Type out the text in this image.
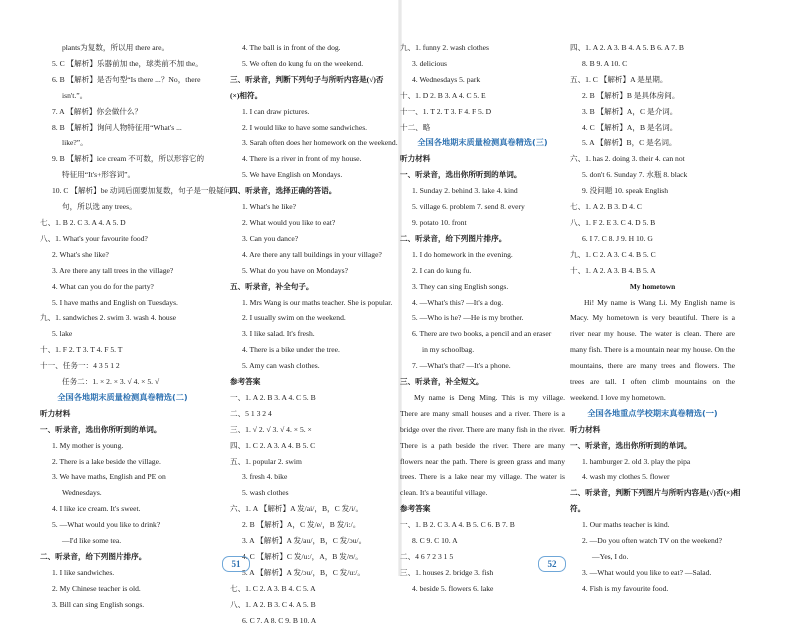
plants为复数，所以用 there are。
5. C 【解析】乐器前加 the，球类前不加 the。
6. B 【解析】是否句型“Is there ...？No，there
isn't.”。
7. A 【解析】你会做什么？
8. B 【解析】询问人物特征用“What's ...
like?”。
9. B 【解析】ice cream 不可数，所以形容它的
特征用“It's+形容词”。
10. C 【解析】be 动词后面要加复数，句子是一般疑问
句，所以选 any trees。
七、1. B 2. C 3. A 4. A 5. D
八、1. What's your favourite food?
2. What's she like?
3. Are there any tall trees in the village?
4. What can you do for the party?
5. I have maths and English on Tuesdays.
九、1. sandwiches 2. swim 3. wash 4. house
5. lake
十、1. F 2. T 3. T 4. F 5. T
十一、任务一：4 3 5 1 2
任务二：1. × 2. × 3. √ 4. × 5. √
全国各地期末质量检测真卷精选(二)
听力材料
一、听录音，选出你所听到的单词。
1. My mother is young.
2. There is a lake beside the village.
3. We have maths, English and PE on
Wednesdays.
4. I like ice cream. It's sweet.
5. —What would you like to drink?
—I'd like some tea.
二、听录音，给下列图片排序。
1. I like sandwiches.
2. My Chinese teacher is old.
3. Bill can sing English songs.
4. The ball is in front of the dog.
5. We often do kung fu on the weekend.
三、听录音，判断下列句子与所听内容是(√)否
(×)相符。
1. I can draw pictures.
2. I would like to have some sandwiches.
3. Sarah often does her homework on the weekend.
4. There is a river in front of my house.
5. We have English on Mondays.
四、听录音，选择正确的答语。
1. What's he like?
2. What would you like to eat?
3. Can you dance?
4. Are there any tall buildings in your village?
5. What do you have on Mondays?
五、听录音，补全句子。
1. Mrs Wang is our maths teacher. She is popular.
2. I usually swim on the weekend.
3. I like salad. It's fresh.
4. There is a bike under the tree.
5. Amy can wash clothes.
参考答案
一、1. A 2. B 3. A 4. C 5. B
二、5 1 3 2 4
三、1. √ 2. √ 3. √ 4. × 5. ×
四、1. C 2. A 3. A 4. B 5. C
五、1. popular 2. swim
3. fresh 4. bike
5. wash clothes
六、1. A 【解析】A 发/ai/，B，C 发/i/。
2. B 【解析】A，C 发/e/，B 发/i:/。
3. A 【解析】A 发/au/，B，C 发/ɔu/。
4. C 【解析】C 发/u:/，A，B 发/ʊ/。
5. A 【解析】A 发/ɔu/，B，C 发/u:/。
七、1. C 2. A 3. B 4. C 5. A
八、1. A 2. B 3. C 4. A 5. B
6. C 7. A 8. C 9. B 10. A
51
九、1. funny 2. wash clothes
3. delicious
4. Wednesdays 5. park
十、1. D 2. B 3. A 4. C 5. E
十一、1. T 2. T 3. F 4. F 5. D
十二、略
全国各地期末质量检测真卷精选(三)
听力材料
一、听录音，选出你所听到的单词。
1. Sunday 2. behind 3. lake 4. kind
5. village 6. problem 7. send 8. every
9. potato 10. front
二、听录音，给下列图片排序。
1. I do homework in the evening.
2. I can do kung fu.
3. They can sing English songs.
4. —What's this? —It's a dog.
5. —Who is he? —He is my brother.
6. There are two books, a pencil and an eraser
in my schoolbag.
7. —What's that? —It's a phone.
三、听录音，补全短文。
My name is Deng Ming. This is my village. There are many small houses and a river. There is a bridge over the river. There are many fish in the river. There is a path beside the river. There are many flowers near the path. There is green grass and many trees. There is a lake near my village. The water is clean. It's a beautiful village.
参考答案
一、1. B 2. C 3. A 4. B 5. C 6. B 7. B
8. C 9. C 10. A
二、4 6 7 2 3 1 5
三、1. houses 2. bridge 3. fish
4. beside 5. flowers 6. lake
四、1. A 2. A 3. B 4. A 5. B 6. A 7. B
8. B 9. A 10. C
五、1. C 【解析】A 是星期。
2. B 【解析】B 是具体房间。
3. B 【解析】A，C 是介词。
4. C 【解析】A，B 是名词。
5. A 【解析】B，C 是名词。
六、1. has 2. doing 3. their 4. can not
5. don't 6. Sunday 7. 水瓶 8. black
9. 没问题 10. speak English
七、1. A 2. B 3. D 4. C
八、1. F 2. E 3. C 4. D 5. B
6. I 7. C 8. J 9. H 10. G
九、1. C 2. A 3. C 4. B 5. C
十、1. A 2. A 3. B 4. B 5. A
My hometown
Hi! My name is Wang Li. My English name is Macy. My hometown is very beautiful. There is a river near my house. The water is clean. There are many fish. There is a mountain near my house. On the mountains, there are many trees and flowers. The trees are tall. I often climb mountains on the weekend. I love my hometown.
全国各地重点学校期末真卷精选(一)
听力材料
一、听录音，选出你所听到的单词。
1. hamburger 2. old 3. play the pipa
4. wash my clothes 5. flower
二、听录音，判断下列图片与所听内容是(√)否(×)相
符。
1. Our maths teacher is kind.
2. —Do you often watch TV on the weekend?
—Yes, I do.
3. —What would you like to eat? —Salad.
4. Fish is my favourite food.
52
